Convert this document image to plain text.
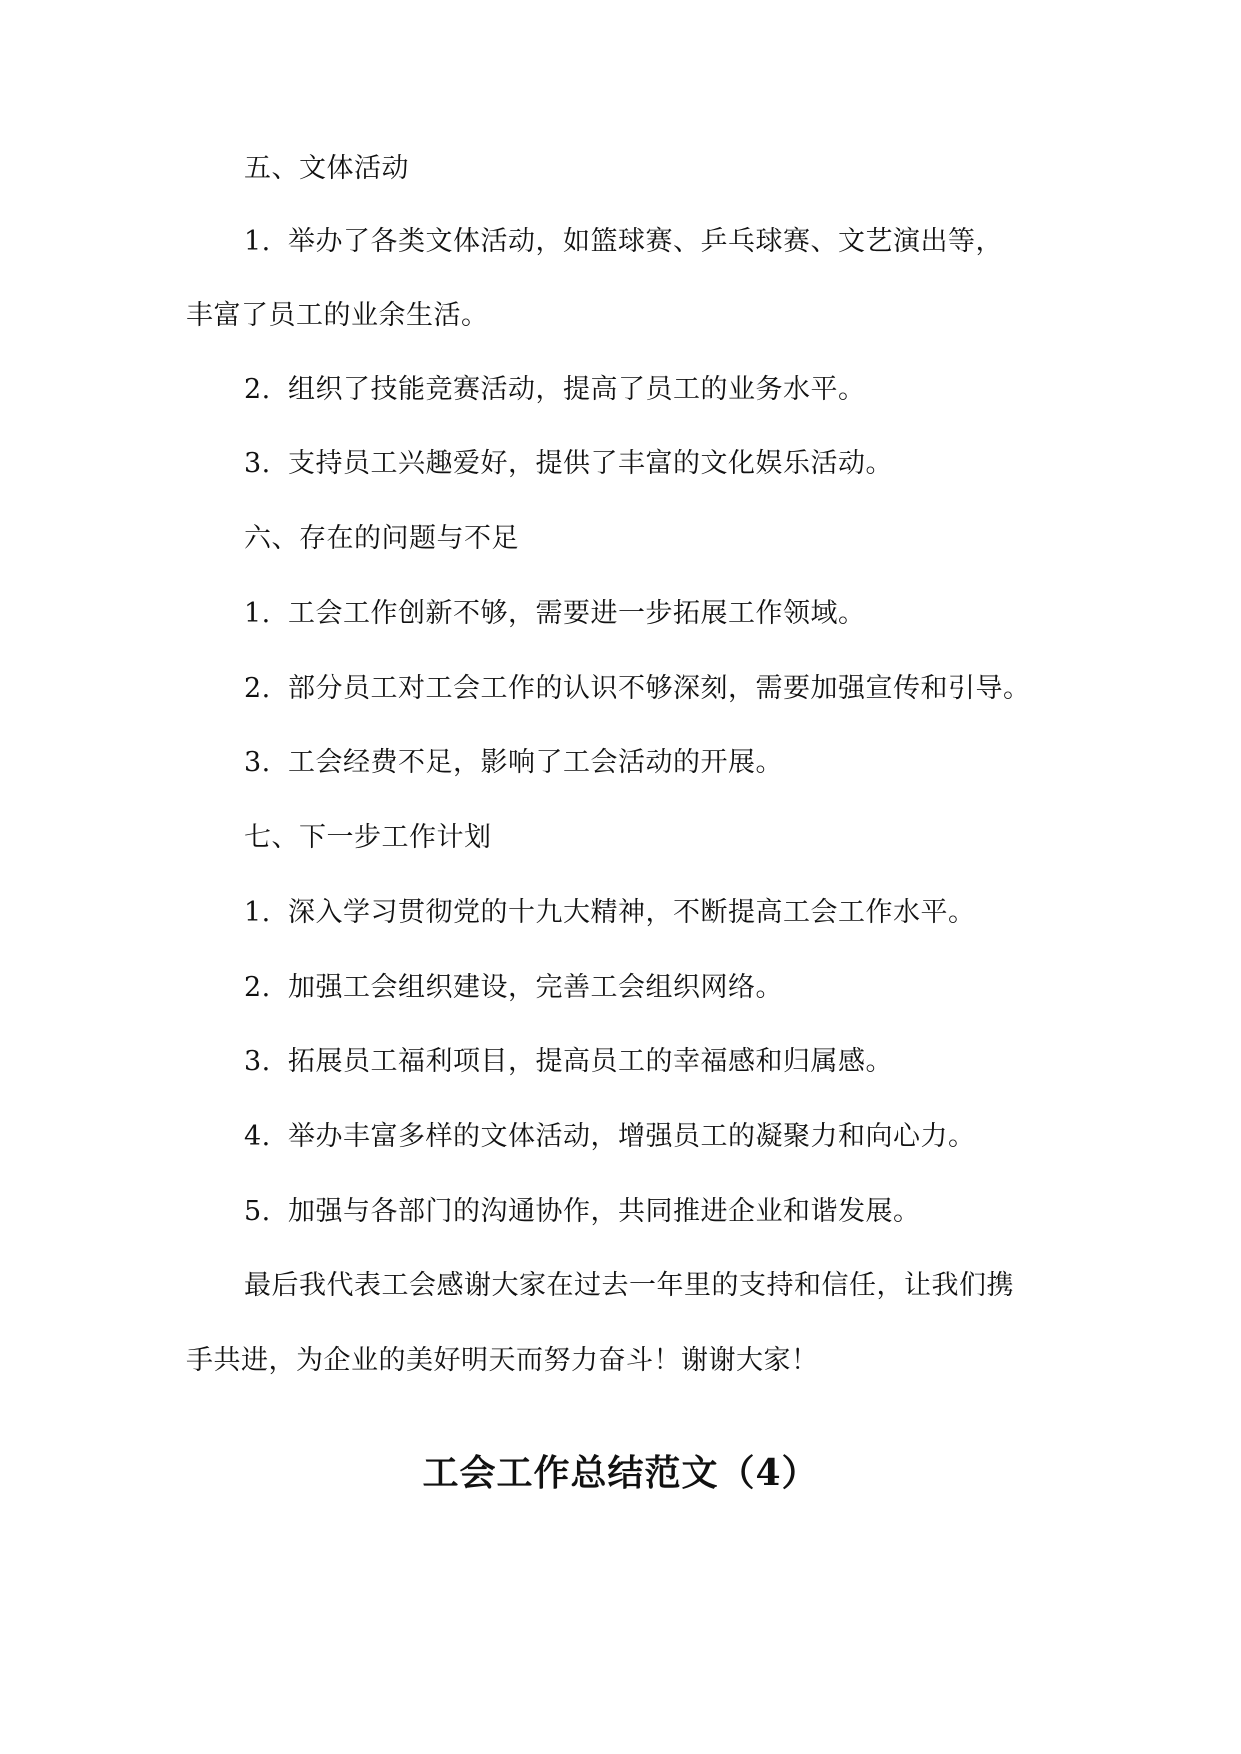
五、文体活动
1. 举办了各类文体活动，如篮球赛、乒乓球赛、文艺演出等，
丰富了员工的业余生活。
2. 组织了技能竞赛活动，提高了员工的业务水平。
3. 支持员工兴趣爱好，提供了丰富的文化娱乐活动。
六、存在的问题与不足
1. 工会工作创新不够，需要进一步拓展工作领域。
2. 部分员工对工会工作的认识不够深刻，需要加强宣传和引导。
3. 工会经费不足，影响了工会活动的开展。
七、下一步工作计划
1. 深入学习贯彻党的十九大精神，不断提高工会工作水平。
2. 加强工会组织建设，完善工会组织网络。
3. 拓展员工福利项目，提高员工的幸福感和归属感。
4. 举办丰富多样的文体活动，增强员工的凝聚力和向心力。
5. 加强与各部门的沟通协作，共同推进企业和谐发展。
最后我代表工会感谢大家在过去一年里的支持和信任，让我们携
手共进，为企业的美好明天而努力奋斗！谢谢大家！
工会工作总结范文（4）
